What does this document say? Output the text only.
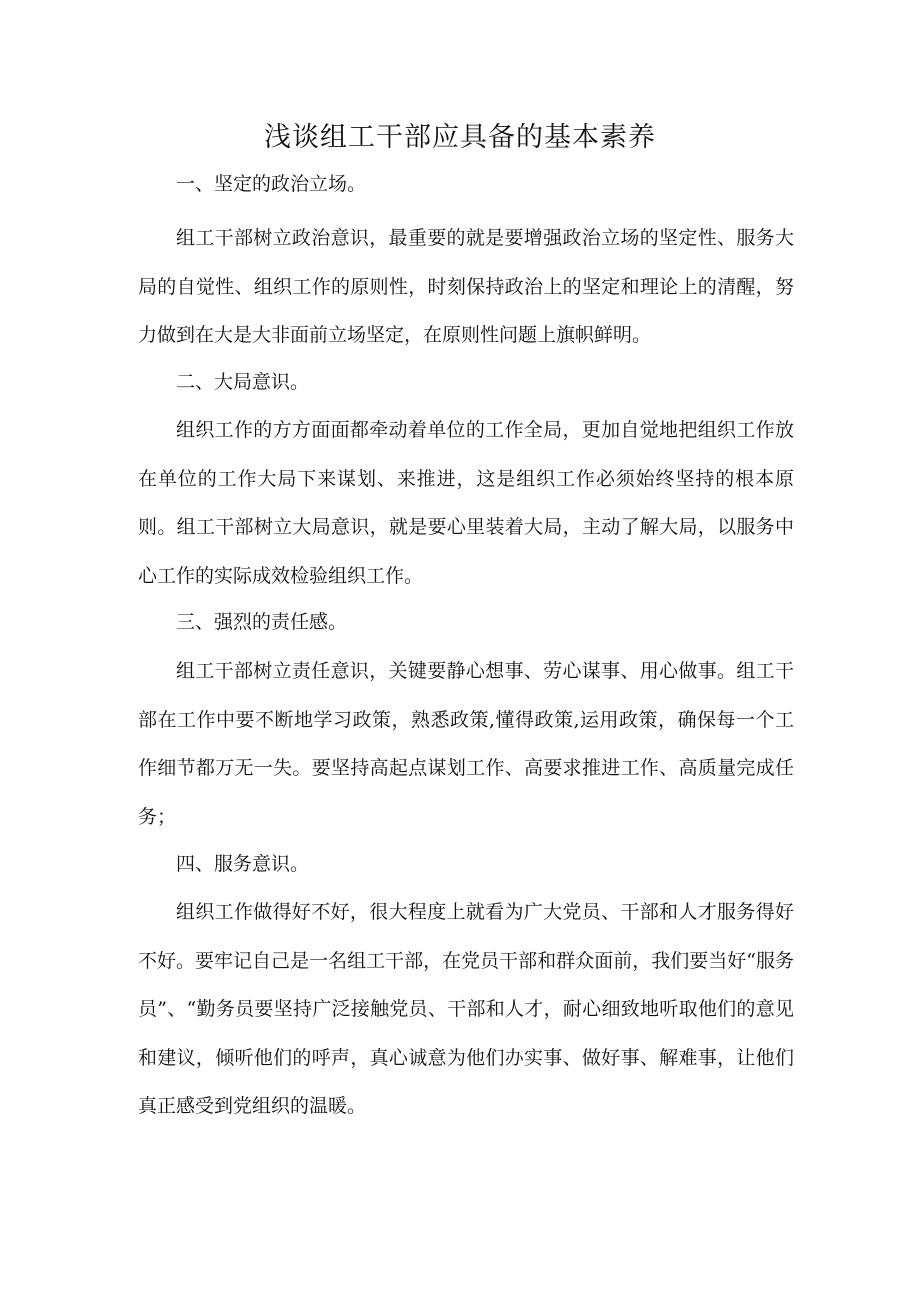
浅谈组工干部应具备的基本素养

一、坚定的政治立场。

组工干部树立政治意识，最重要的就是要增强政治立场的坚定性、服务大局的自觉性、组织工作的原则性，时刻保持政治上的坚定和理论上的清醒，努力做到在大是大非面前立场坚定，在原则性问题上旗帜鲜明。

二、大局意识。

组织工作的方方面面都牵动着单位的工作全局，更加自觉地把组织工作放在单位的工作大局下来谋划、来推进，这是组织工作必须始终坚持的根本原则。组工干部树立大局意识，就是要心里装着大局，主动了解大局，以服务中心工作的实际成效检验组织工作。

三、强烈的责任感。

组工干部树立责任意识，关键要静心想事、劳心谋事、用心做事。组工干部在工作中要不断地学习政策，熟悉政策,懂得政策,运用政策，确保每一个工作细节都万无一失。要坚持高起点谋划工作、高要求推进工作、高质量完成任务；

四、服务意识。

组织工作做得好不好，很大程度上就看为广大党员、干部和人才服务得好不好。要牢记自己是一名组工干部，在党员干部和群众面前，我们要当好“服务员”、“勤务员要坚持广泛接触党员、干部和人才，耐心细致地听取他们的意见和建议，倾听他们的呼声，真心诚意为他们办实事、做好事、解难事，让他们真正感受到党组织的温暖。
